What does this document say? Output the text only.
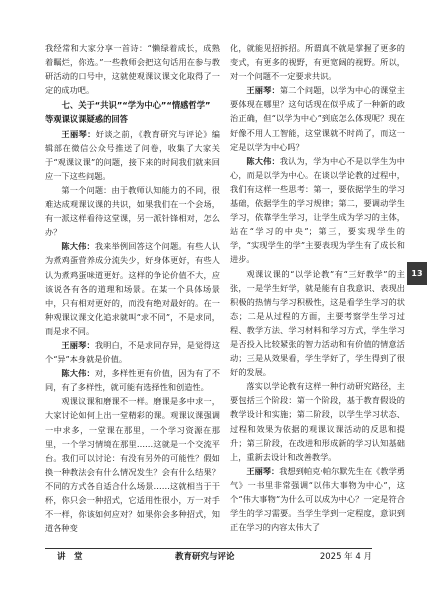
我经常和大家分享一首诗：“懒绿着成长，成熟着瞩烂，你选。”一些教师会把这句话用在参与教研活动的口号中，这就使观课议课文化取得了一定的成功吧。

七、关于“共识”“学为中心”“情感哲学”
等观课议课疑惑的回答

王丽琴：好谈之前，《教育研究与评论》编辑部在微信公众号推送了问卷，收集了大家关于“观课议课”的问题，接下来的时间我们就来回应一下这些问题。

第一个问题：由于教师认知能力的不同，很难达成观课议课的共识，如果我们在一个会场，有一派这样看待这堂课，另一派针锋相对，怎么办？

陈大伟：我来举例回答这个问题。有些人认为煮鸡蛋营养成分流失少，好身体更好，有些人认为煮鸡蛋味道更好。这样的争论价值不大，应该说各有各的道理和场景。在某一个具体场景中，只有相对更好的，而没有绝对最好的。在一种观课议课文化追求就叫“求不同”，不是求同，而是求不同。

王丽琴：我明白，不是求同存异，是觉得这个“异”本身就是价值。

陈大伟：对，多样性更有价值，因为有了不同，有了多样性，就可能有选择性和创造性。

观课议课和磨课不一样。磨课是多中求一，大家讨论如何上出一堂精彩的课。观课议课强调一中求多，一堂课在那里，一个学习资源在那里，一个学习情境在那里……这就是一个交流平台。我们可以讨论：有没有另外的可能性？假如换一种教法会有什么情况发生？会有什么结果？不同的方式各自适合什么场景……这就相当于干杯，你只会一种招式，它适用性很小，万一对手不一样，你该如何应对？如果你会多种招式，知道各种变

化，就能见招拆招。所谓真不就是掌握了更多的变式，有更多的视野，有更宽阔的视野。所以，对一个问题不一定要求共识。

王丽琴：第二个问题，以学为中心的课堂主要体现在哪里？这句话现在似乎成了一种新的政治正确，但“以学为中心”到底怎么体现呢？现在好像不用人工智能，这堂课就不时尚了，而这一定是以学为中心吗？

陈大伟：我认为，学为中心不是以学生为中心，而是以学为中心。在谈以学论教的过程中，我们有这样一些思考：第一，要依据学生的学习基础，依据学生的学习规律；第二，要调动学生学习，依靠学生学习，让学生成为学习的主体，站在“学习的中央”；第三，要实现学生的学，“实现学生的学”主要表现为学生有了成长和进步。

观课议课的“以学论教”有“三好教学”的主张，一是学生好学，就是能有自我意识、表现出积极的热情与学习积极性，这是看学生学习的状态；二是从过程的方面，主要考察学生学习过程、教学方法、学习材料和学习方式，学生学习是否投入比较紧张的智力活动和有价值的情意活动；三是从效果看，学生学好了，学生得到了很好的发展。

落实以学论教有这样一种行动研究路径，主要包括三个阶段：第一个阶段，基于教育假设的教学设计和实施；第二阶段，以学生学习状态、过程和效果为依据的观课议课活动的反思和提升；第三阶段，在改进和形成新的学习认知基础上，重新去设计和改善教学。

王丽琴：我想到帕克·帕尔默先生在《教学勇气》一书里非常强调“以伟大事物为中心”，这个“伟大事物”为什么可以成为中心？一定是符合学生的学习需要。当学生学到一定程度，意识到正在学习的内容太伟大了

13
讲　堂	教育研究与评论	2025 年 4 月
